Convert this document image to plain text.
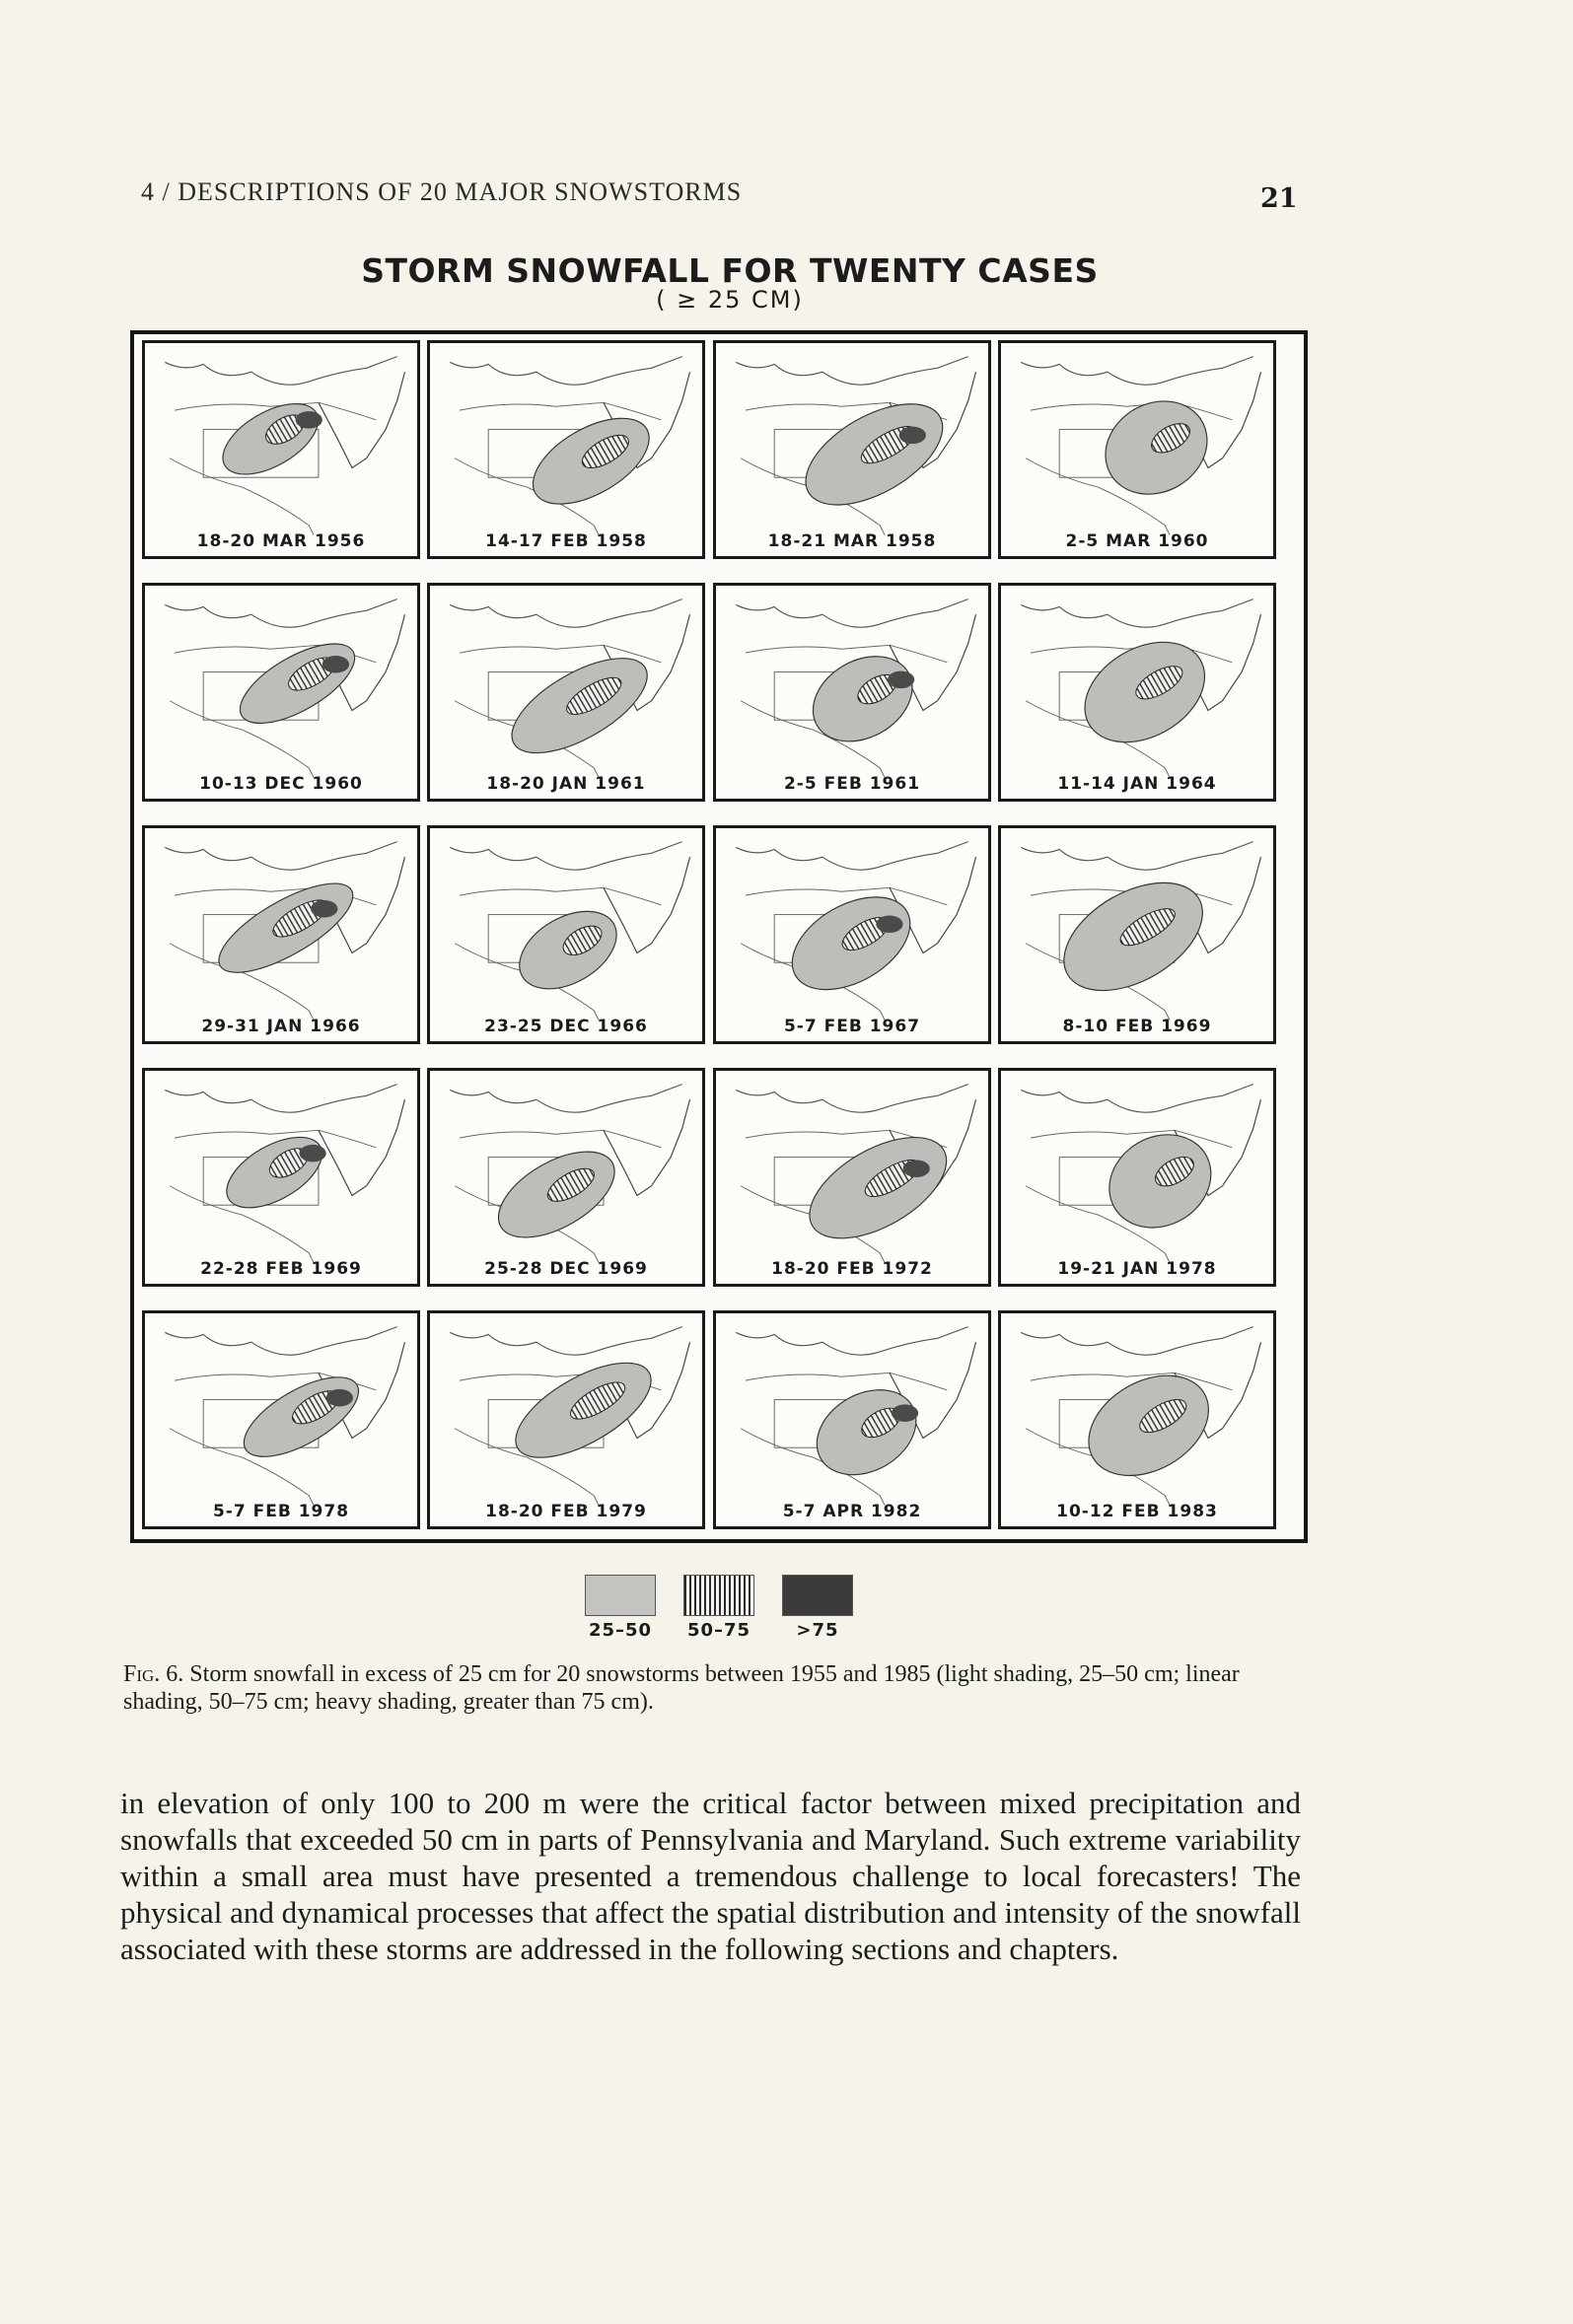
4 / DESCRIPTIONS OF 20 MAJOR SNOWSTORMS	21
STORM SNOWFALL FOR TWENTY CASES
( ≥ 25 CM)
18-20 MAR 1956	14-17 FEB 1958	18-21 MAR 1958	2-5 MAR 1960
10-13 DEC 1960	18-20 JAN 1961	2-5 FEB 1961	11-14 JAN 1964
29-31 JAN 1966	23-25 DEC 1966	5-7 FEB 1967	8-10 FEB 1969
22-28 FEB 1969	25-28 DEC 1969	18-20 FEB 1972	19-21 JAN 1978
5-7 FEB 1978	18-20 FEB 1979	5-7 APR 1982	10-12 FEB 1983
25–50 50–75	>75
Fig. 6. Storm snowfall in excess of 25 cm for 20 snowstorms between 1955 and 1985 (light shading, 25–50 cm; linear shading, 50–75 cm; heavy shading, greater than 75 cm).
in elevation of only 100 to 200 m were the critical factor between mixed precipitation and snowfalls that exceeded 50 cm in parts of Pennsylvania and Maryland. Such extreme variability within a small area must have presented a tremendous challenge to local forecasters! The physical and dynamical processes that affect the spatial distribution and intensity of the snowfall associated with these storms are addressed in the following sections and chapters.
